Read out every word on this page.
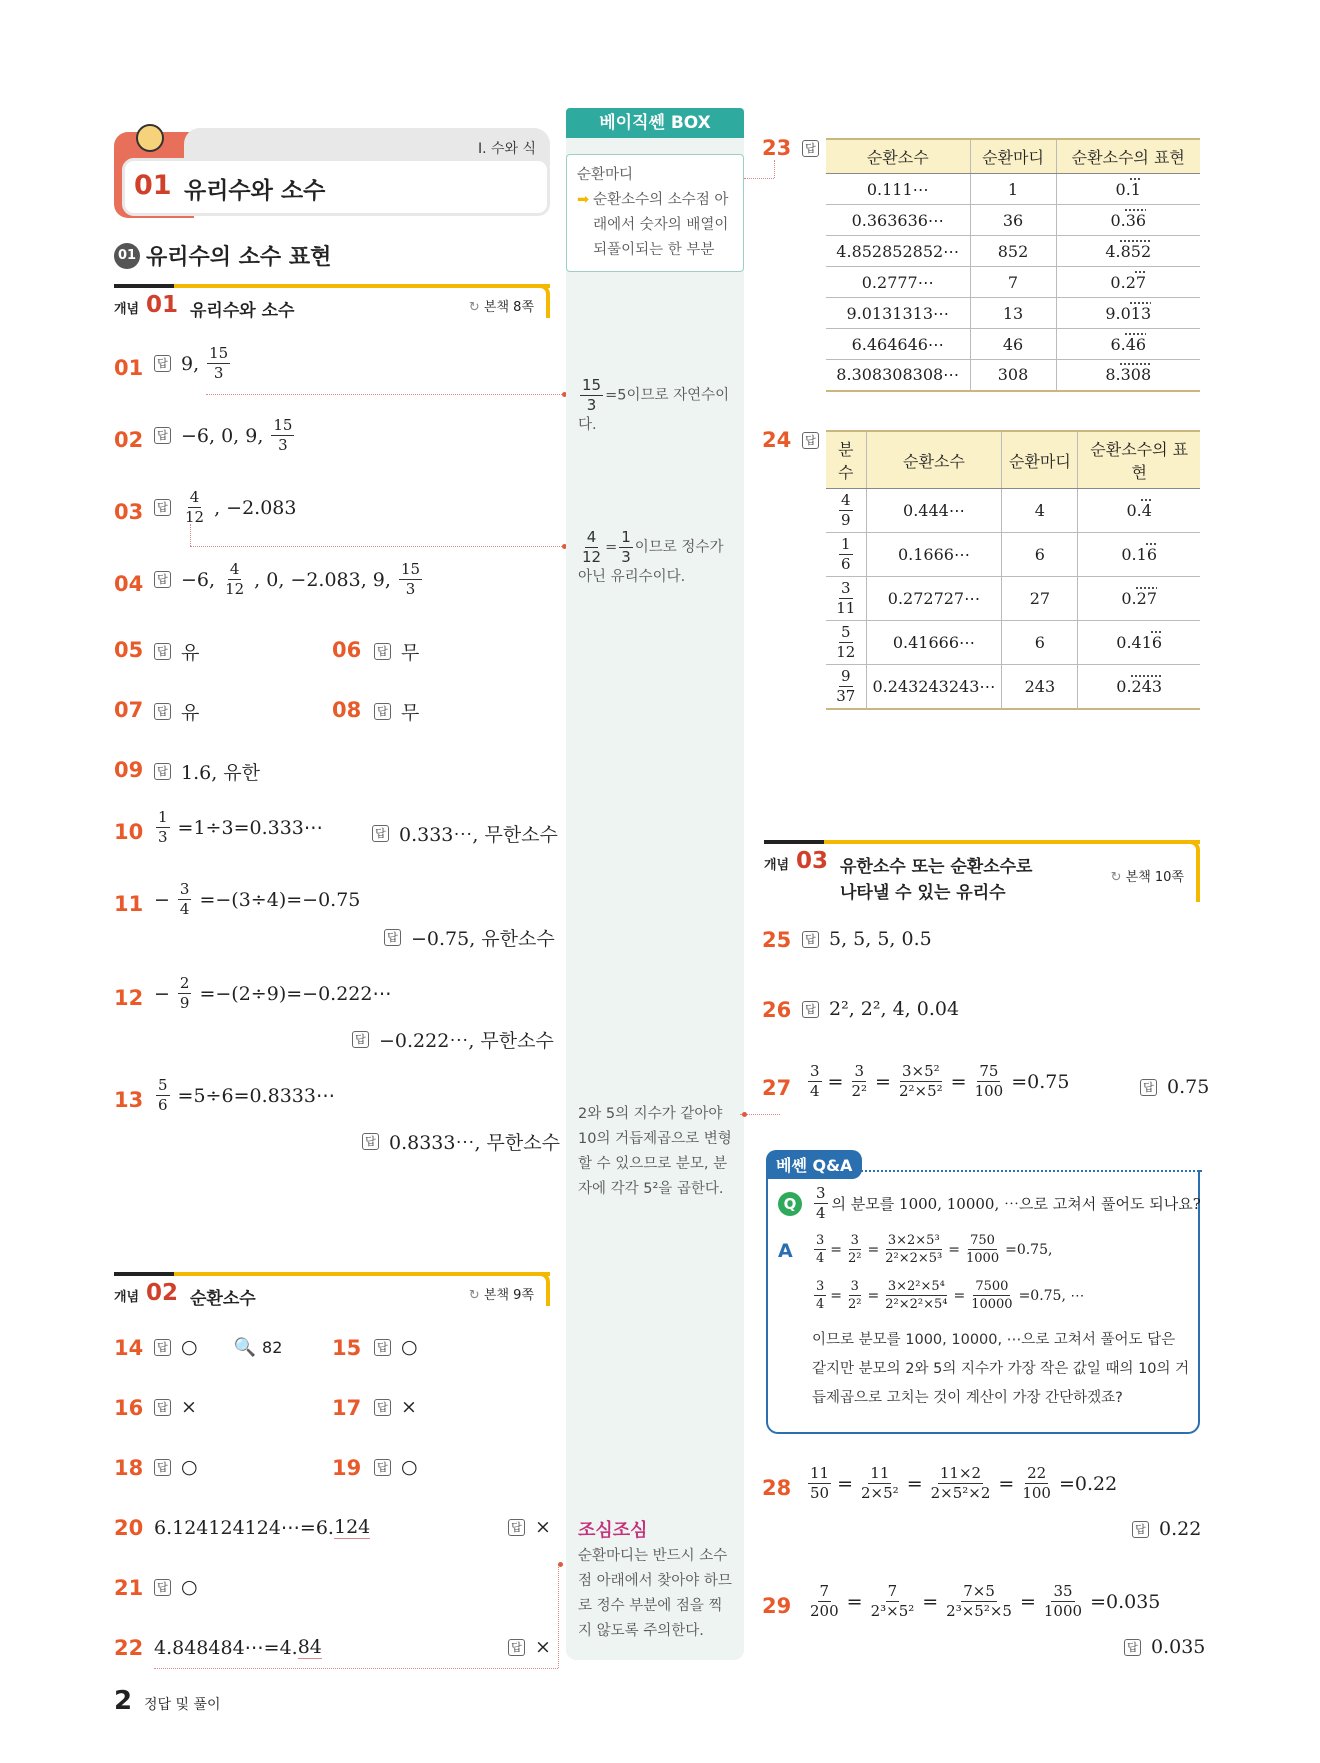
Ⅰ. 수와 식
01 유리수와 소수
01 유리수의 소수 표현
개념 01 유리수와 소수	↻ 본책 8쪽
01 답 9, 15
3
02 답 −6, 0, 9, 15
3
03 답
4
12 , −2.083
04 답 −6, 4
12 , 0, −2.083, 9, 15
3
05 답 유	06 답 무
07 답 유	08 답 무
09 답 1.6, 유한
$10 \frac{1}{3}$ =1÷3=0.333⋯	답 0.333⋯, 무한소수
$11 - \frac{3}{4} =-(3\div 4)=-0.75$
답 −0.75, 유한소수
$12 - \frac{2}{9}$ =−(2÷9)=−0.222⋯
답 −0.222⋯, 무한소수
$13 \frac{5}{6}$ =5÷6=0.8333⋯
답 0.8333⋯, 무한소수
개념 02 순환소수	↻ 본책 9쪽
14 답 ○ 🔍 82 15 답 ○
16 답 ×	17 답 ×
18 답 ○	19 답 ○
20 6.124124124⋯=6. 124	답 ×
21 답 ○
22 4.848484⋯=4. 84	답 ×
베이직쎈 BOX
순환마디
➡ 순환소수의 소수점 아래에서 숫자의 배열이 되풀이되는 한 부분
$\frac{15}{3} =5$이므로 자연수이다.
$\frac{4}{12} = \frac{1}{3}$ 이므로 정수가 아닌 유리수이다.
2와 5의 지수가 같아야 10의 거듭제곱으로 변형할 수 있으므로 분모, 분자에 각각 5²을 곱한다.
조심조심
순환마디는 반드시 소수점 아래에서 찾아야 하므로 정수 부분에 점을 찍지 않도록 주의한다.
23 답	순환소수	순환마디	순환소수의 표현
0.111⋯	1	0.1
0.363636⋯	36	0.36
4.852852852⋯	852	4.852
0.2777⋯	7	0.27
9.0131313⋯	13	9.013
6.464646⋯	46	6.46
8.308308308⋯	308	8.308
24 답 분수	순환소수	순환마디	순환소수의 표현

$\frac{4}{9}$	0.444⋯	4	0.4

$\frac{1}{6}$	0.1666⋯	6	0.16

$\frac{3}{11}$	0.272727⋯	27	0.27

$\frac{5}{12}$	0.41666⋯	6	0.416

$\frac{9}{37}$	0.243243243⋯	243	0.243
개념 03 유한소수 또는 순환소수로
나타낼 수 있는 유리수
↻ 본책 10쪽
25 답 5, 5, 5, 0.5
26 답 2², 2², 4, 0.04
27
3
4 = 3
2² = 3×5²
$2^2\times 5^2 = \frac{75}{100} =0.75$	답 0.75
베쎈 Q&A
Q
3
4 의 분모를 1000, 10000, ⋯으로 고쳐서 풀어도 되나요?
A 3
4
=
3
2²
=
3×2×5³
2²×2×5³
= $\frac{750}{1000} =0.75$,
3
4
=
3
2²
=
3×2²×5⁴
2²×2²×5⁴
= $\frac{7500}{10000} =0.75$, ⋯
이므로 분모를 1000, 10000, ⋯으로 고쳐서 풀어도 답은 같지만 분모의 2와 5의 지수가 가장 작은 값일 때의 10의 거듭제곱으로 고치는 것이 계산이 가장 간단하겠죠?
28
11
50 = 11
2×5² = 11×2
$2\times 5^2\times 2 = \frac{22}{100} =0.22$
답 0.22
29
7
200 = 7
2³×5² = 7×5
$2^3\times 5^2\times 5 = \frac{35}{1000} =0.035$
답 0.035
2 정답 및 풀이
